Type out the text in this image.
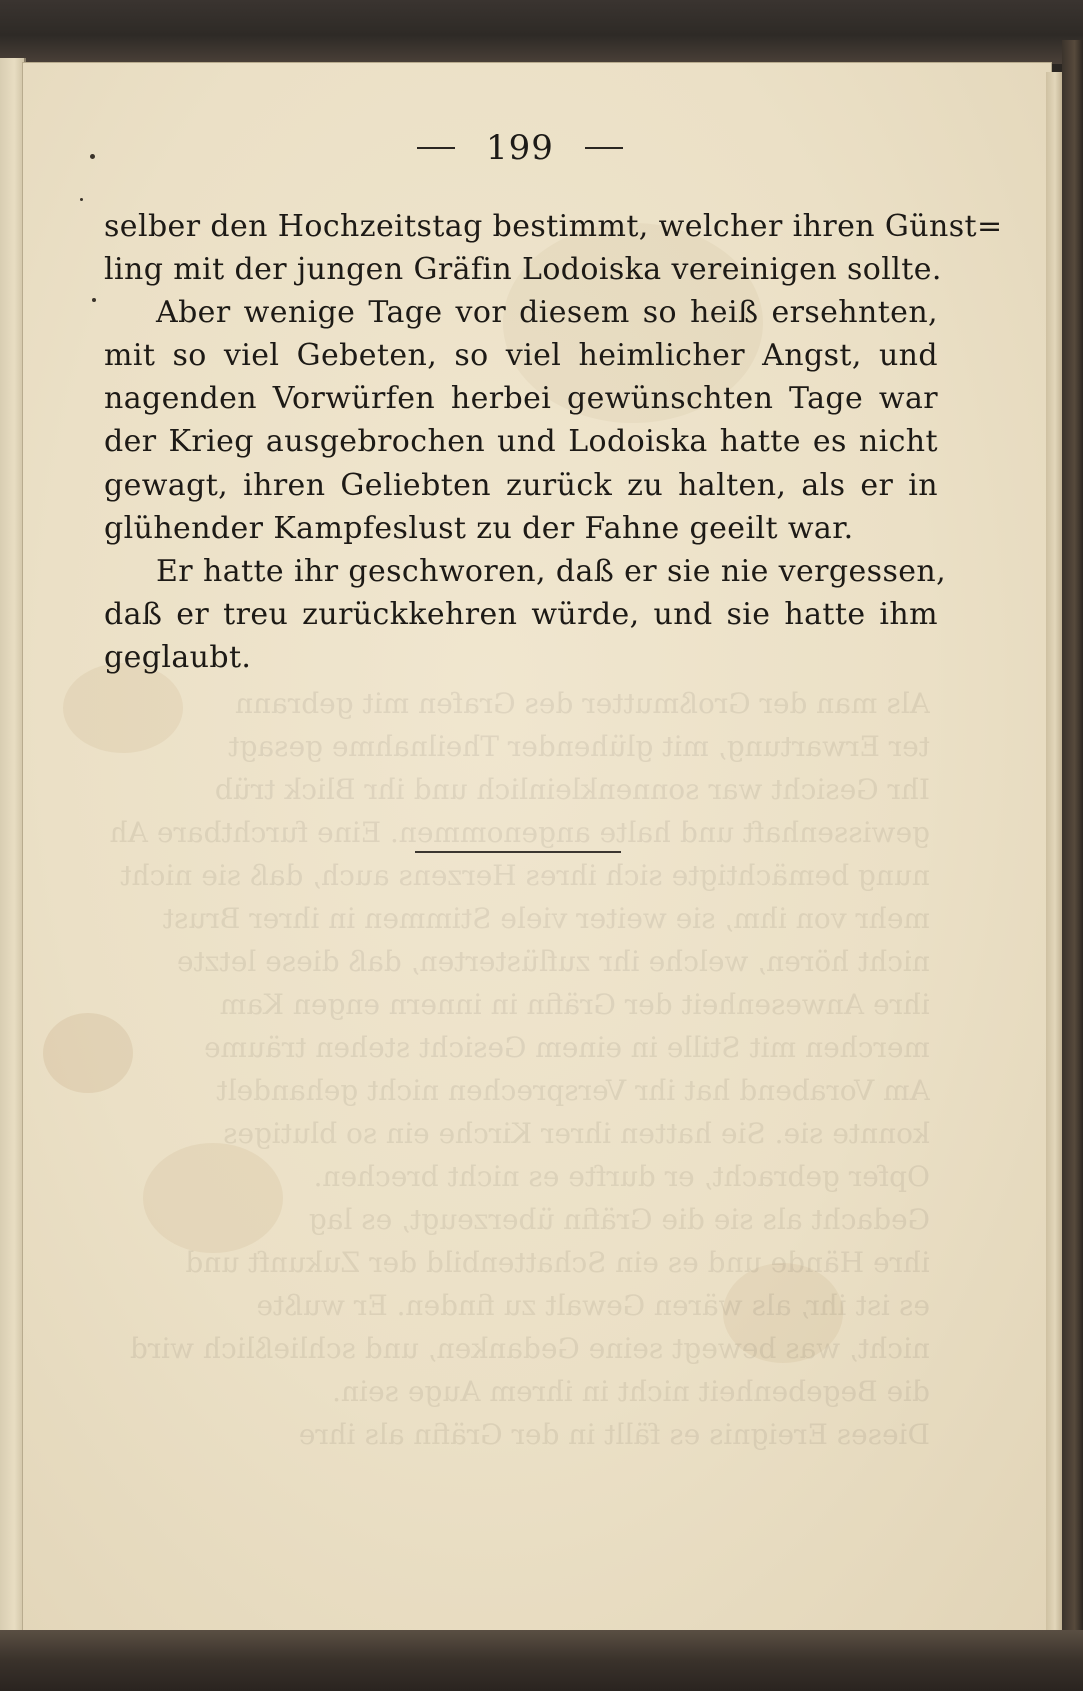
Als man der Großmutter des Grafen mit gebrann
ter Erwartung, mit glühender Theilnahme gesagt
Ihr Gesicht war sonnenkleinlich und ihr Blick trüb
gewissenhaft und halte angenommen. Eine furchtbare Ah
nung bemächtigte sich ihres Herzens auch, daß sie nicht
mehr von ihm, sie weiter viele Stimmen in ihrer Brust
nicht hören, welche ihr zuflüsterten, daß diese letzte
ihre Anwesenheit der Gräfin in innern engen Kam
merchen mit Stille in einem Gesicht stehen träume
Am Vorabend hat ihr Versprechen nicht gehandelt
konnte sie. Sie hatten ihrer Kirche ein so blutiges
Opfer gebracht, er durfte es nicht brechen.
Gedacht als sie die Gräfin überzeugt, es lag
ihre Hände und es ein Schattenbild der Zukunft und
es ist ihr, als wären Gewalt zu finden. Er wußte
nicht, was bewegt seine Gedanken, und schließlich wird
die Begebenheit nicht in ihrem Auge sein.
Dieses Ereignis es fällt in der Gräfin als ihre
199
selber den Hochzeitstag bestimmt, welcher ihren Günst=
ling mit der jungen Gräfin Lodoiska vereinigen sollte.
Aber wenige Tage vor diesem so heiß ersehnten,
mit so viel Gebeten, so viel heimlicher Angst, und
nagenden Vorwürfen herbei gewünschten Tage war
der Krieg ausgebrochen und Lodoiska hatte es nicht
gewagt, ihren Geliebten zurück zu halten, als er in
glühender Kampfeslust zu der Fahne geeilt war.
Er hatte ihr geschworen, daß er sie nie vergessen,
daß er treu zurückkehren würde, und sie hatte ihm
geglaubt.
